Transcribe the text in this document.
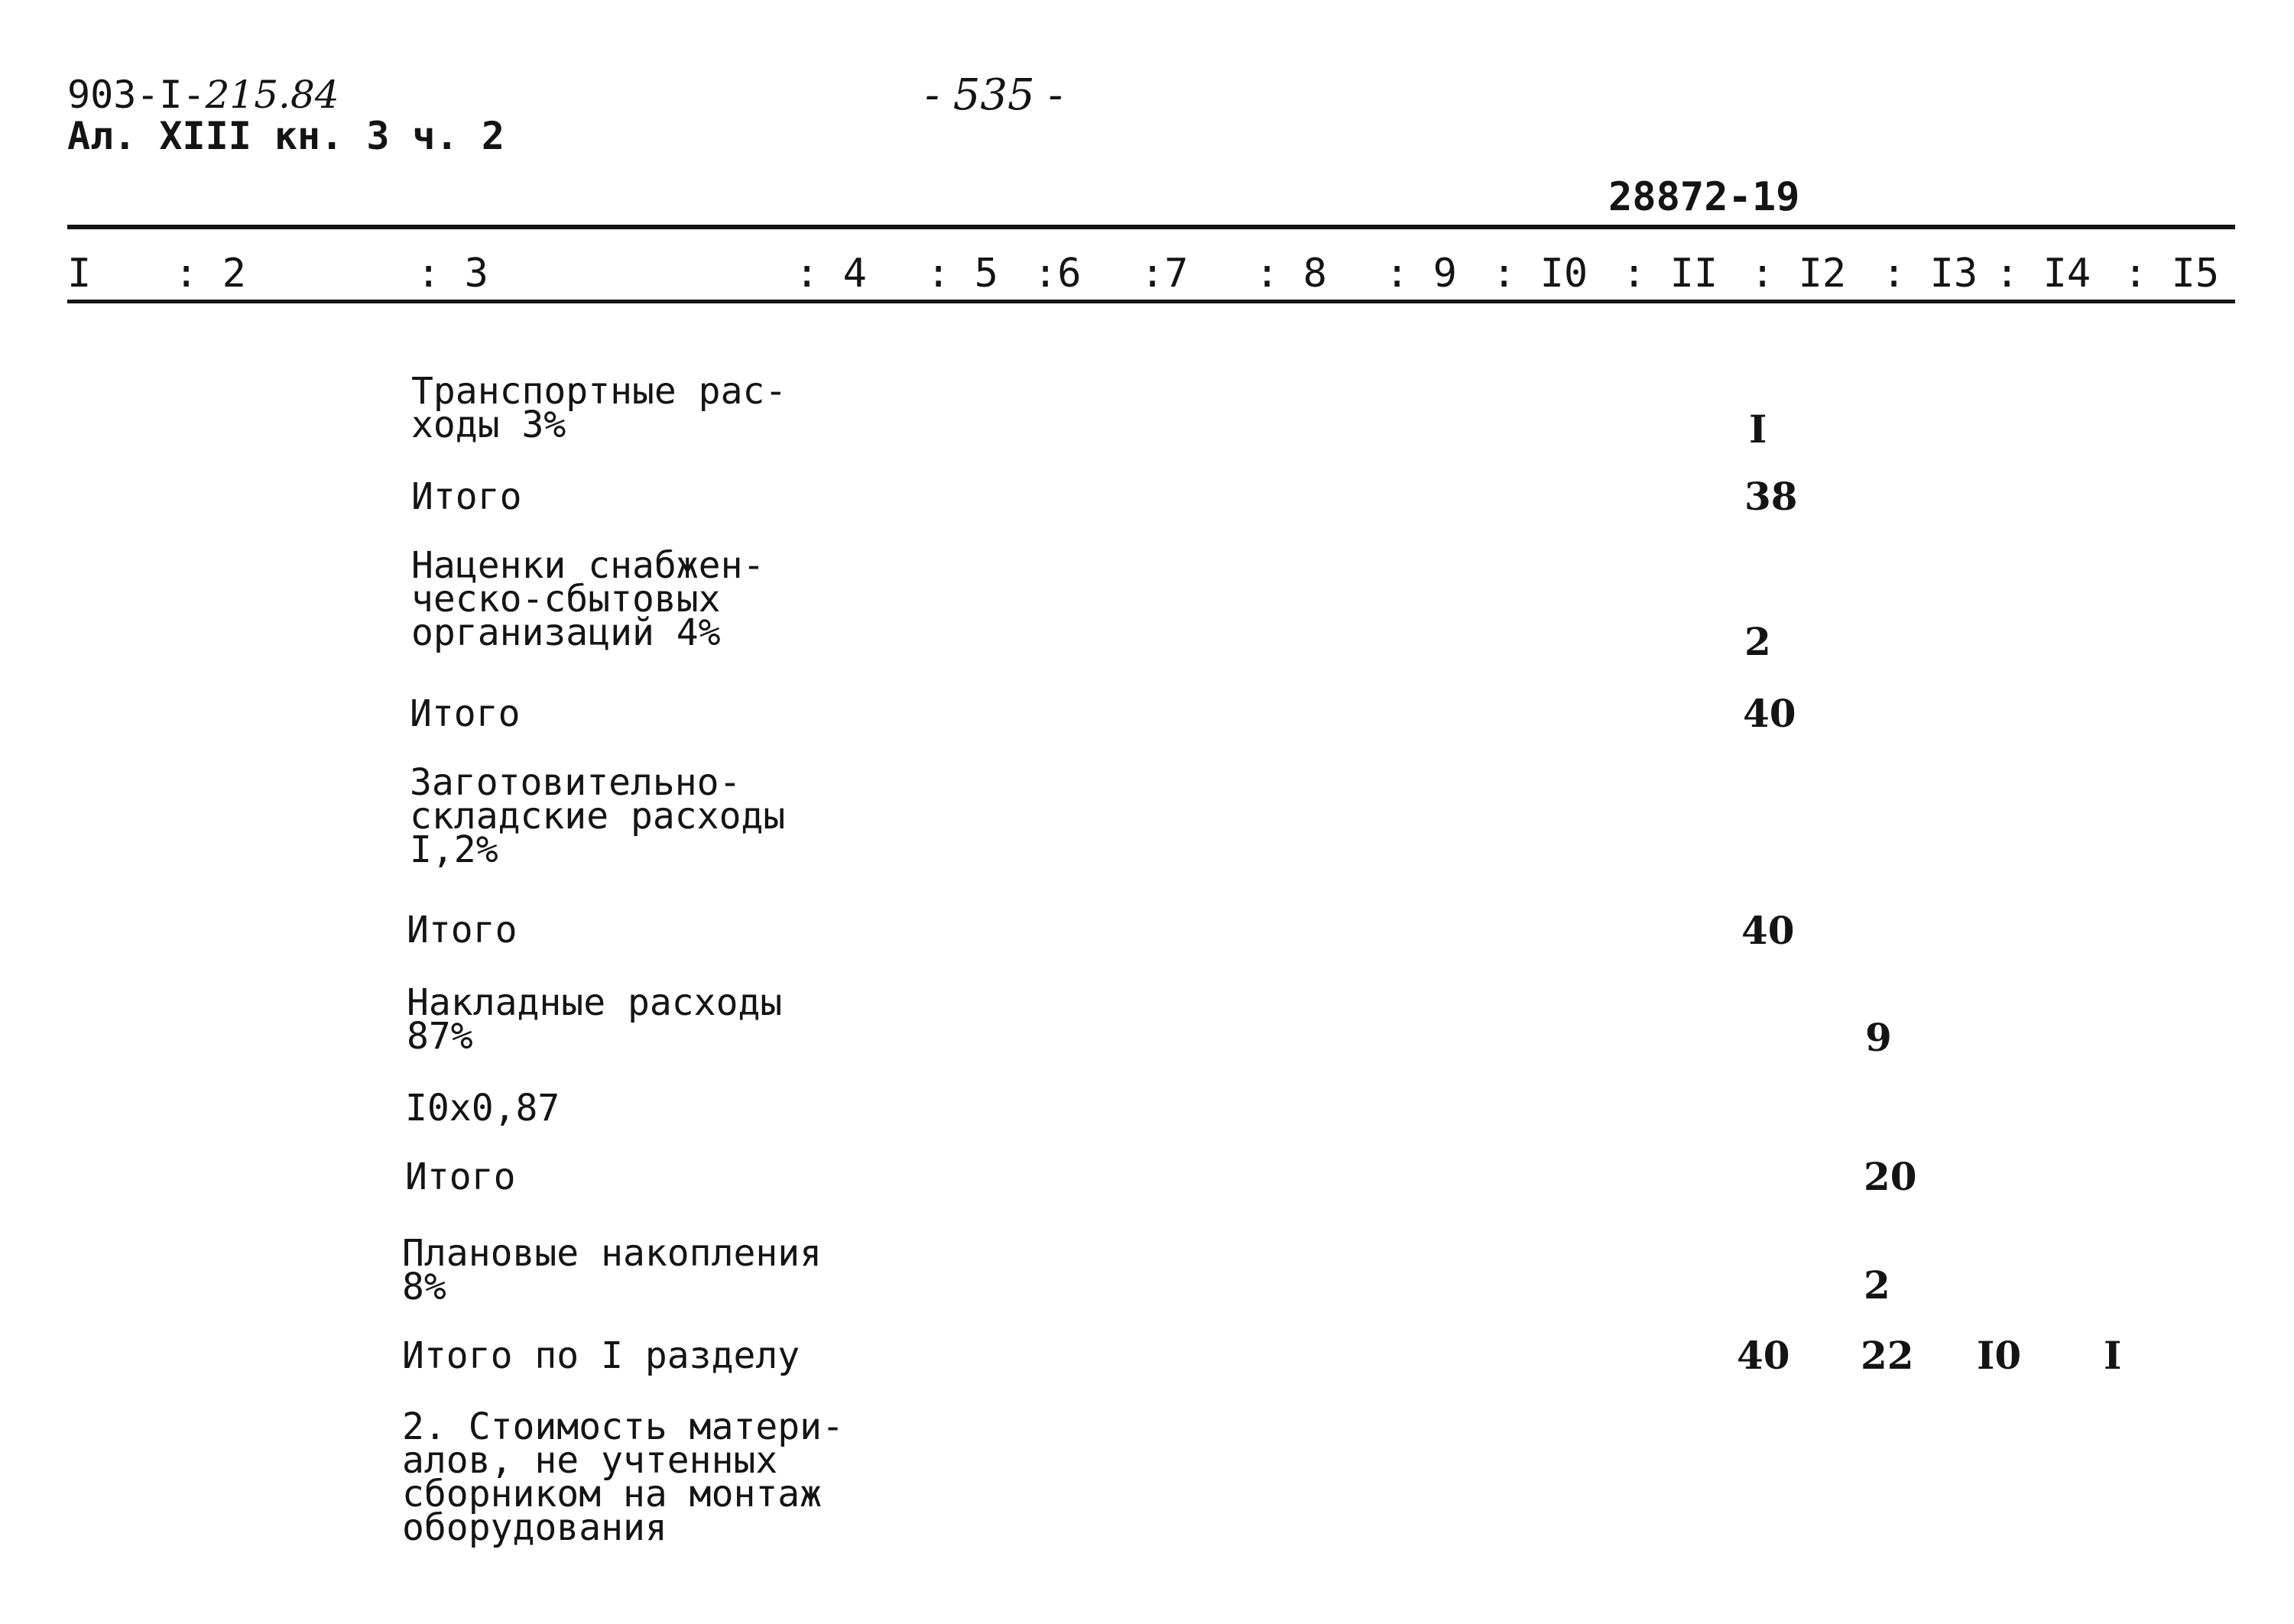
903-I-215.84
Ал. XIII кн. 3 ч. 2
- 535 -
28872-19
I : 2	: 3	: 4 : 5 :6 :7 : 8 : 9 : I0 : II : I2 : I3 : I4 : I5
Транспортные рас-
ходы 3%
Итого
Наценки снабжен-
ческо-сбытовых
организаций 4%
Итого
Заготовительно-
складские расходы
I,2%
Итого
Накладные расходы
87%
I0x0,87
Итого
Плановые накопления
8%
Итого по I разделу
2. Стоимость матери-
алов, не учтенных
сборником на монтаж
оборудования
I
38
2
40
40
40
9
20
2
22 I0 I
